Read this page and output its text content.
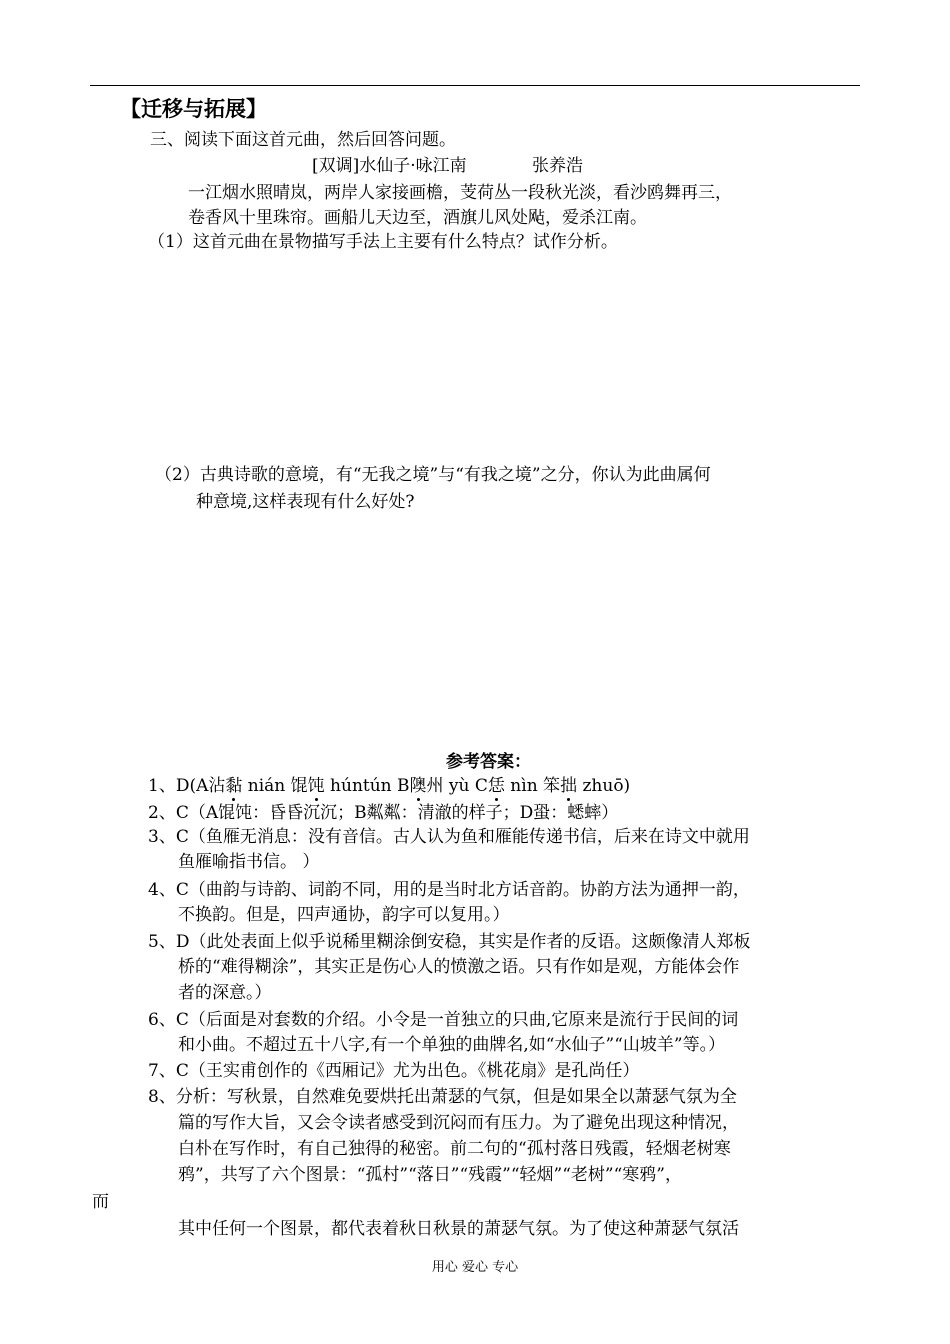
【迁移与拓展】
三、阅读下面这首元曲，然后回答问题。
[双调]水仙子·咏江南	张养浩
一江烟水照晴岚，两岸人家接画檐，芰荷丛一段秋光淡，看沙鸥舞再三，
卷香风十里珠帘。画船儿天边至，酒旗儿风处飐，爱杀江南。
（1）这首元曲在景物描写手法上主要有什么特点？试作分析。
（2）古典诗歌的意境，有“无我之境”与“有我之境”之分，你认为此曲属何
种意境,这样表现有什么好处?
参考答案：
1、D(A沾黏 nián 馄饨 húntún B隩州 yù C恁 nìn 笨拙 zhuō)
2、C（A馄饨：昏昏沉沉；B粼粼：清澈的样子；D蛩：蟋蟀）
3、C（鱼雁无消息：没有音信。古人认为鱼和雁能传递书信，后来在诗文中就用
鱼雁喻指书信。 ）
4、C（曲韵与诗韵、词韵不同，用的是当时北方话音韵。协韵方法为通押一韵，
不换韵。但是，四声通协，韵字可以复用。）
5、D（此处表面上似乎说稀里糊涂倒安稳，其实是作者的反语。这颇像清人郑板
桥的“难得糊涂”，其实正是伤心人的愤激之语。只有作如是观，方能体会作
者的深意。）
6、C（后面是对套数的介绍。小令是一首独立的只曲,它原来是流行于民间的词
和小曲。不超过五十八字,有一个单独的曲牌名,如“水仙子”“山坡羊”等。）
7、C（王实甫创作的《西厢记》尤为出色。《桃花扇》是孔尚任）
8、分析：写秋景，自然难免要烘托出萧瑟的气氛，但是如果全以萧瑟气氛为全
篇的写作大旨，又会令读者感受到沉闷而有压力。为了避免出现这种情况，
白朴在写作时，有自己独得的秘密。前二句的“孤村落日残霞，轻烟老树寒
鸦”，共写了六个图景：“孤村”“落日”“残霞”“轻烟”“老树”“寒鸦”，
而
其中任何一个图景，都代表着秋日秋景的萧瑟气氛。为了使这种萧瑟气氛活
用心 爱心 专心
